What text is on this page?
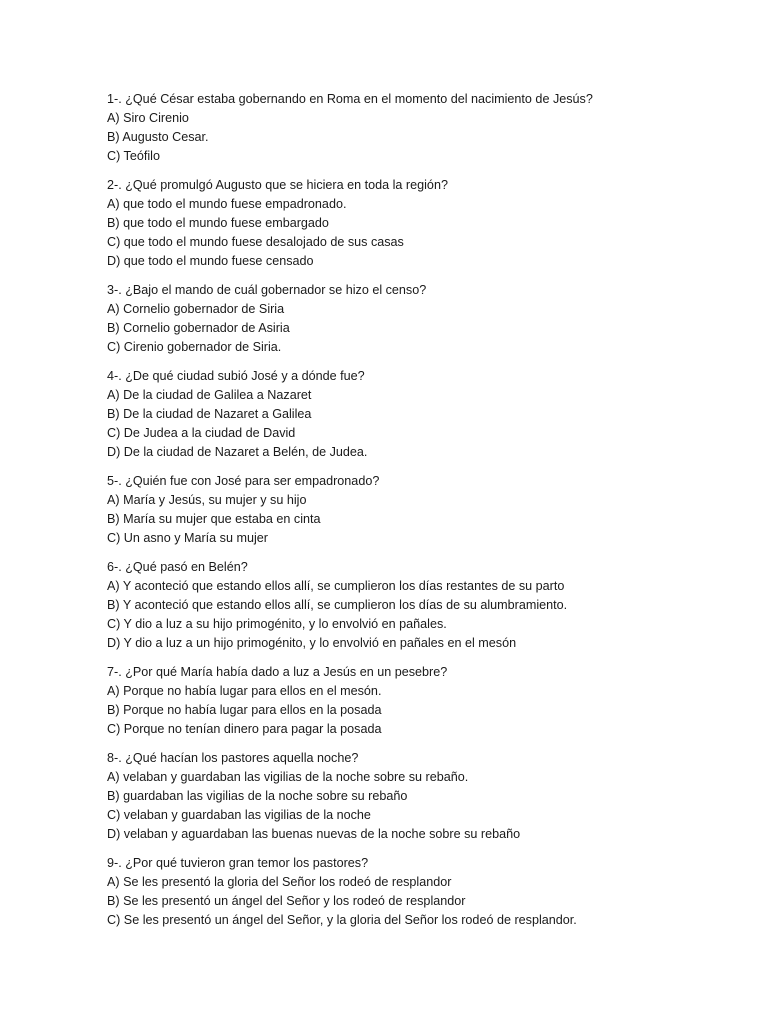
1-. ¿Qué César estaba gobernando en Roma en el momento del nacimiento de Jesús?
A) Siro Cirenio
B) Augusto Cesar.
C) Teófilo
2-. ¿Qué promulgó Augusto que se hiciera en toda la región?
A) que todo el mundo fuese empadronado.
B) que todo el mundo fuese embargado
C) que todo el mundo fuese desalojado de sus casas
D) que todo el mundo fuese censado
3-. ¿Bajo el mando de cuál gobernador se hizo el censo?
A) Cornelio gobernador de Siria
B) Cornelio gobernador de Asiria
C) Cirenio gobernador de Siria.
4-. ¿De qué ciudad subió José y a dónde fue?
A) De la ciudad de Galilea a Nazaret
B) De la ciudad de Nazaret a Galilea
C) De Judea a la ciudad de David
D) De la ciudad de Nazaret a Belén, de Judea.
5-. ¿Quién fue con José para ser empadronado?
A) María y Jesús, su mujer y su hijo
B) María su mujer que estaba en cinta
C) Un asno y María su mujer
6-. ¿Qué pasó en Belén?
A) Y aconteció que estando ellos allí, se cumplieron los días restantes de su parto
B) Y aconteció que estando ellos allí, se cumplieron los días de su alumbramiento.
C) Y dio a luz a su hijo primogénito, y lo envolvió en pañales.
D) Y dio a luz a un hijo primogénito, y lo envolvió en pañales en el mesón
7-. ¿Por qué María había dado a luz a Jesús en un pesebre?
A) Porque no había lugar para ellos en el mesón.
B) Porque no había lugar para ellos en la posada
C) Porque no tenían dinero para pagar la posada
8-. ¿Qué hacían los pastores aquella noche?
A) velaban y guardaban las vigilias de la noche sobre su rebaño.
B) guardaban las vigilias de la noche sobre su rebaño
C) velaban y guardaban las vigilias de la noche
D) velaban y aguardaban las buenas nuevas de la noche sobre su rebaño
9-. ¿Por qué tuvieron gran temor los pastores?
A) Se les presentó la gloria del Señor los rodeó de resplandor
B) Se les presentó un ángel del Señor y los rodeó de resplandor
C) Se les presentó un ángel del Señor, y la gloria del Señor los rodeó de resplandor.
